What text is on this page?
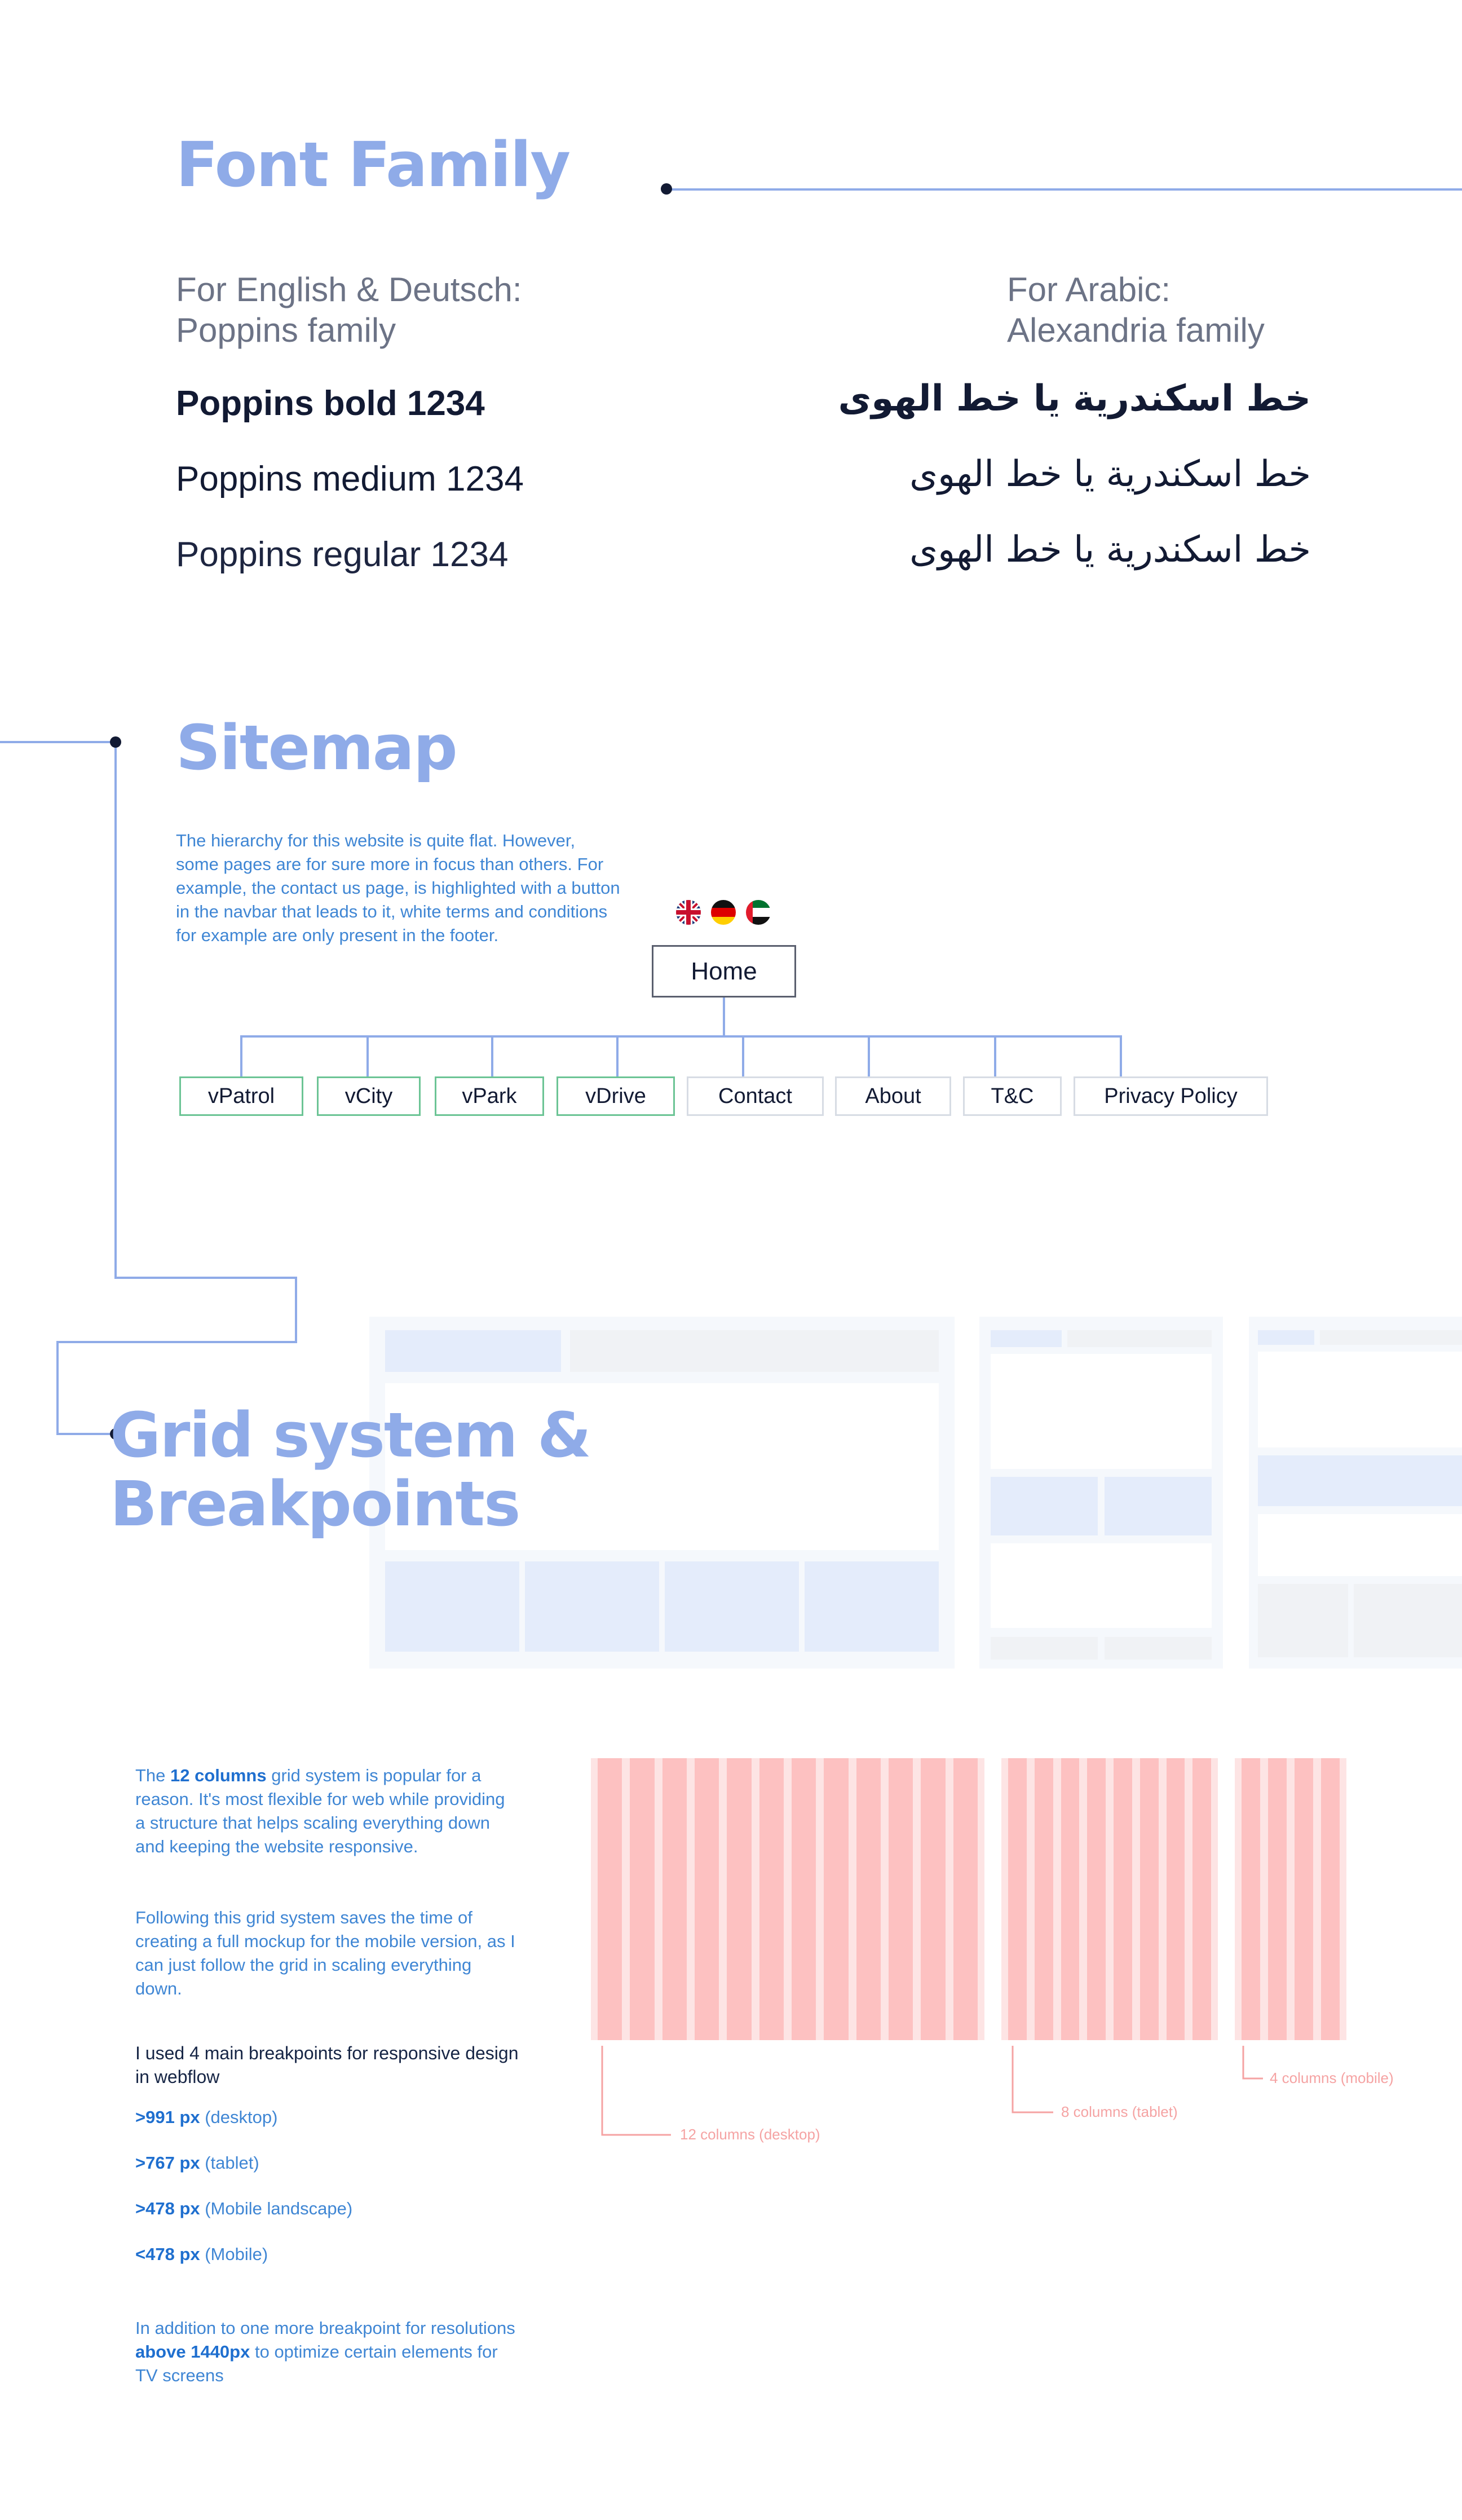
Font Family
For English & Deutsch:
Poppins family
For Arabic:
Alexandria family
Poppins bold 1234
Poppins medium 1234
Poppins regular 1234
خط اسكندرية يا خط الهوى
خط اسكندرية يا خط الهوى
خط اسكندرية يا خط الهوى
Sitemap
The hierarchy for this website is quite flat. However, some pages are for sure more in focus than others. For example, the contact us page, is highlighted with a button in the navbar that leads to it, white terms and conditions for example are only present in the footer.
Home
vPatrol	vCity	vPark	vDrive	Contact	About	T&C	Privacy Policy
Grid system &
Breakpoints
The 12 columns grid system is popular for a reason. It's most flexible for web while providing a structure that helps scaling everything down and keeping the website responsive.
Following this grid system saves the time of creating a full mockup for the mobile version, as I can just follow the grid in scaling everything down.
I used 4 main breakpoints for responsive design in webflow
>991 px (desktop)
>767 px (tablet)
>478 px (Mobile landscape)
<478 px (Mobile)
In addition to one more breakpoint for resolutions above 1440px to optimize certain elements for TV screens
12 columns (desktop)
8 columns (tablet)
4 columns (mobile)
